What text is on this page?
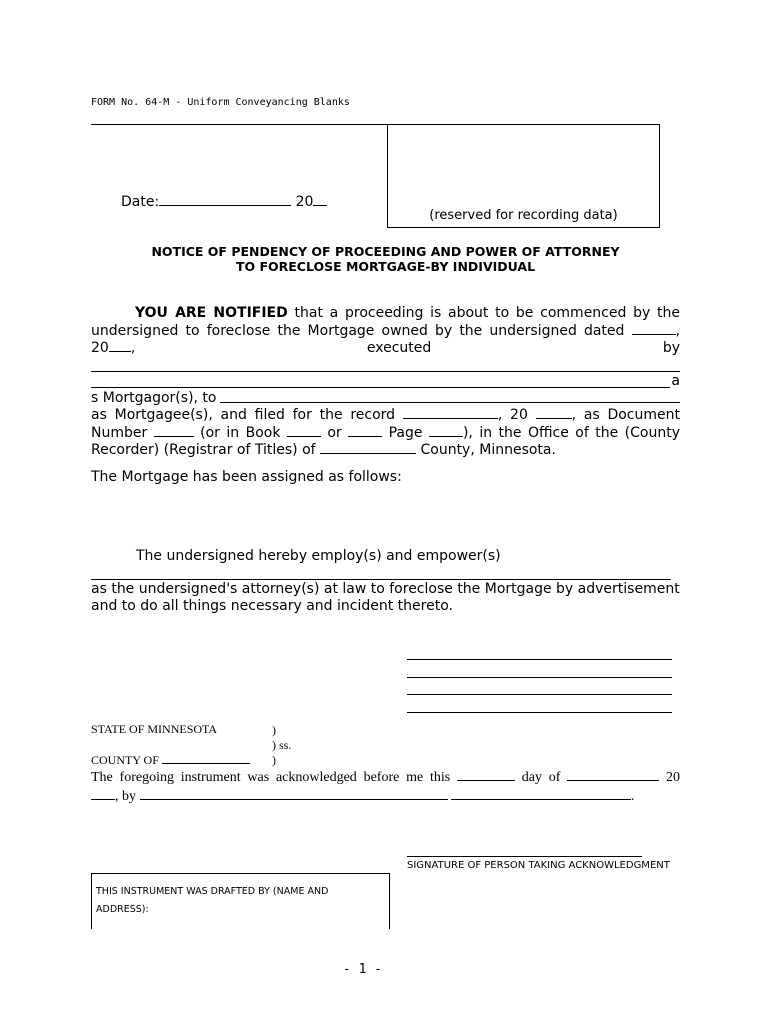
FORM No. 64-M - Uniform Conveyancing Blanks
Date:	20
(reserved for recording data)
NOTICE OF PENDENCY OF PROCEEDING AND POWER OF ATTORNEY
TO FORECLOSE MORTGAGE-BY INDIVIDUAL
YOU ARE NOTIFIED that a proceeding is about to be commenced by the
undersigned to foreclose the Mortgage owned by the undersigned dated	,
20 ,	executed	by
a
s Mortgagor(s), to
as Mortgagee(s), and filed for the record	, 20	, as Document
Number	(or in Book	or	Page	), in the Office of the (County
Recorder) (Registrar of Titles) of	County, Minnesota.
The Mortgage has been assigned as follows:
The undersigned hereby employ(s) and empower(s)
as the undersigned's attorney(s) at law to foreclose the Mortgage by advertisement
and to do all things necessary and incident thereto.
STATE OF MINNESOTA	)
) ss.
COUNTY OF	)
The foregoing instrument was acknowledged before me this	day of	20
, by	.
SIGNATURE OF PERSON TAKING ACKNOWLEDGMENT
THIS INSTRUMENT WAS DRAFTED BY (NAME AND
ADDRESS):
- 1 -
